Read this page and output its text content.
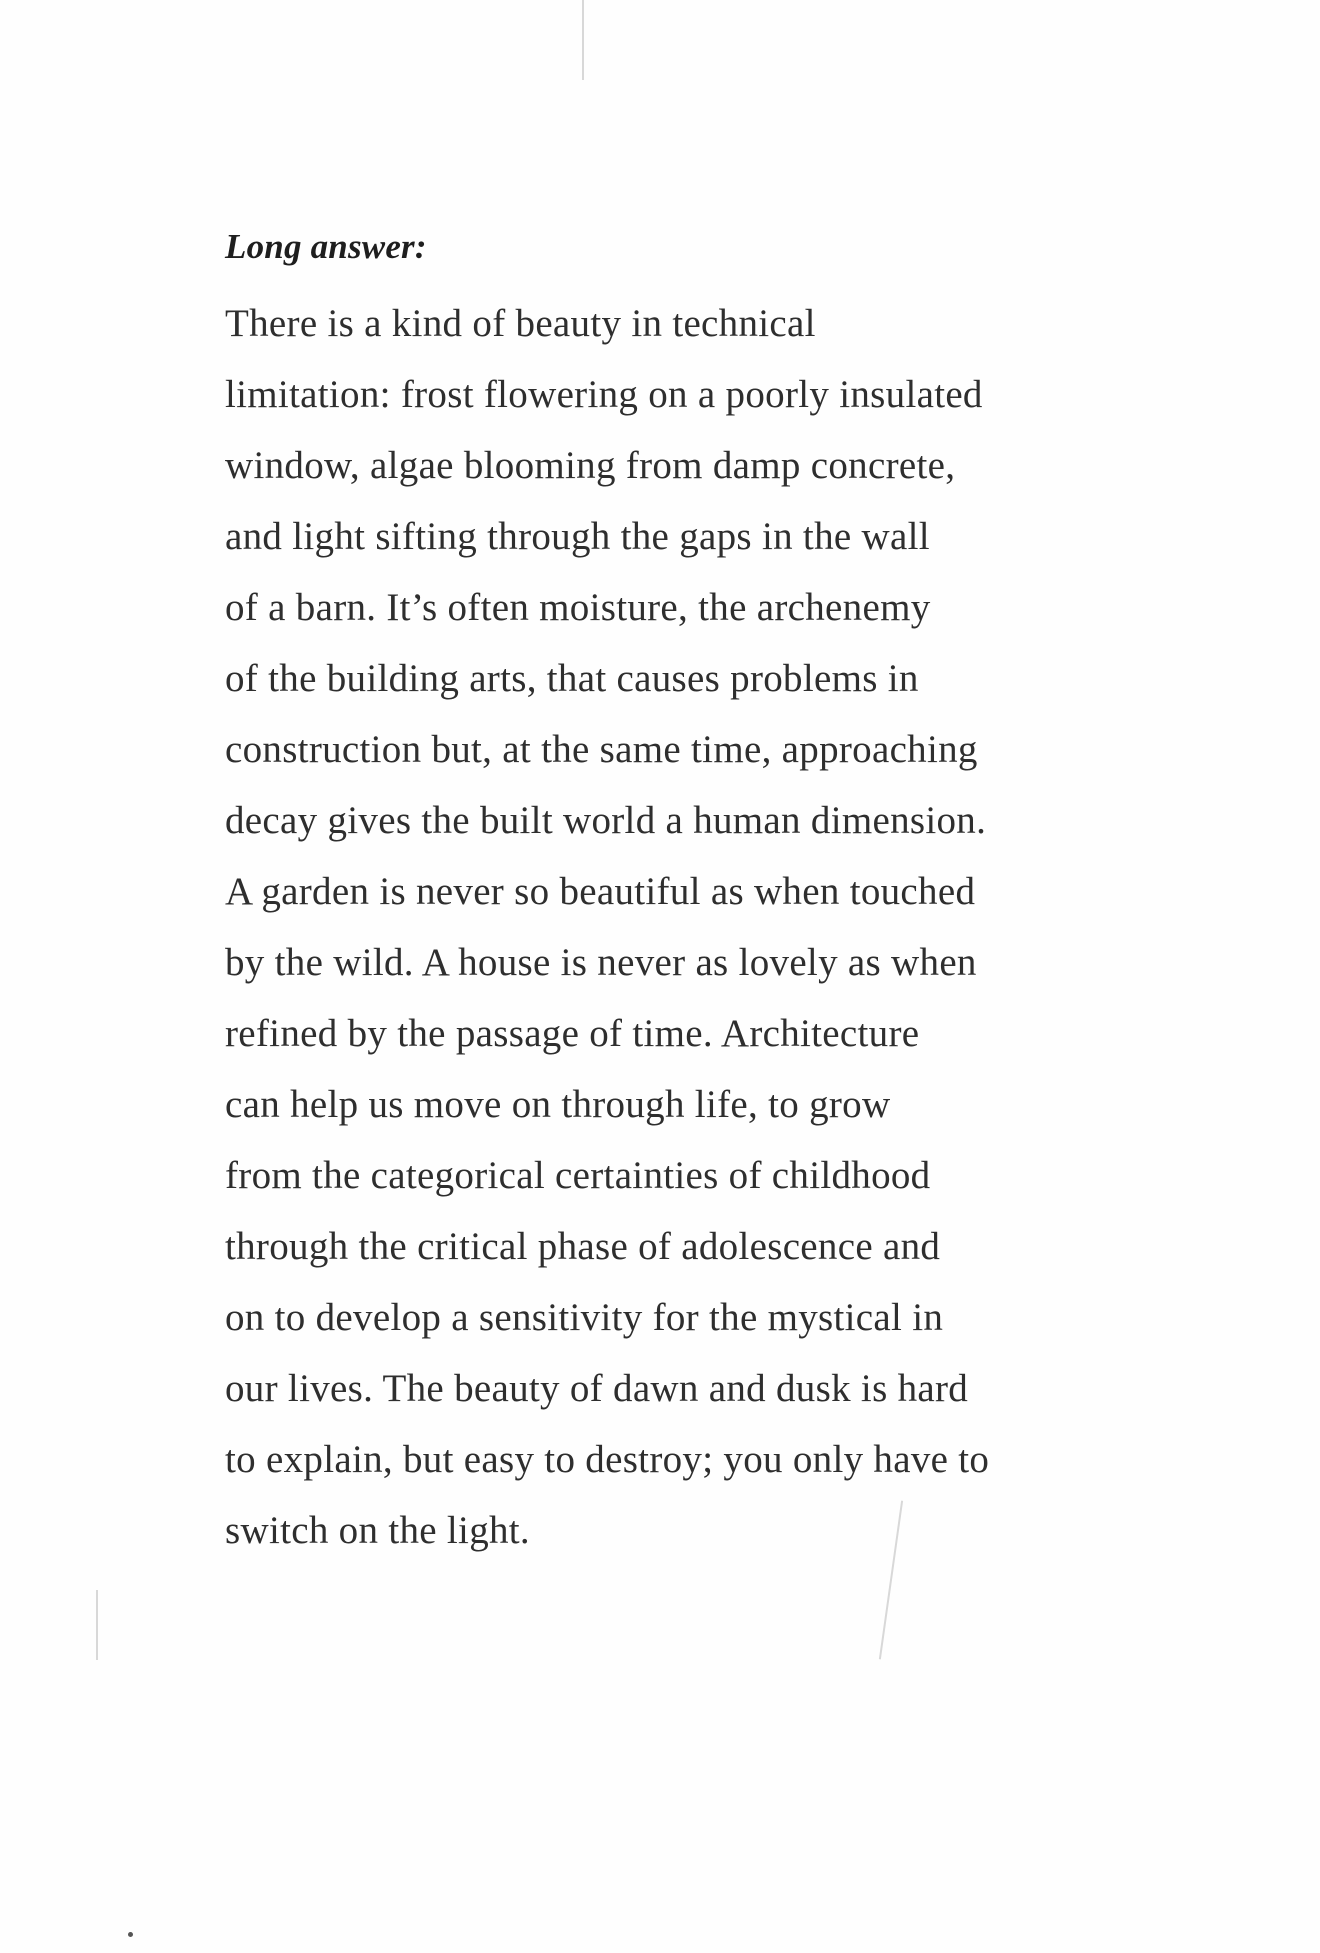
Long answer:
There is a kind of beauty in technical
limitation: frost flowering on a poorly insulated
window, algae blooming from damp concrete,
and light sifting through the gaps in the wall
of a barn. It’s often moisture, the archenemy
of the building arts, that causes problems in
construction but, at the same time, approaching
decay gives the built world a human dimension.
A garden is never so beautiful as when touched
by the wild. A house is never as lovely as when
refined by the passage of time. Architecture
can help us move on through life, to grow
from the categorical certainties of childhood
through the critical phase of adolescence and
on to develop a sensitivity for the mystical in
our lives. The beauty of dawn and dusk is hard
to explain, but easy to destroy; you only have to
switch on the light.
